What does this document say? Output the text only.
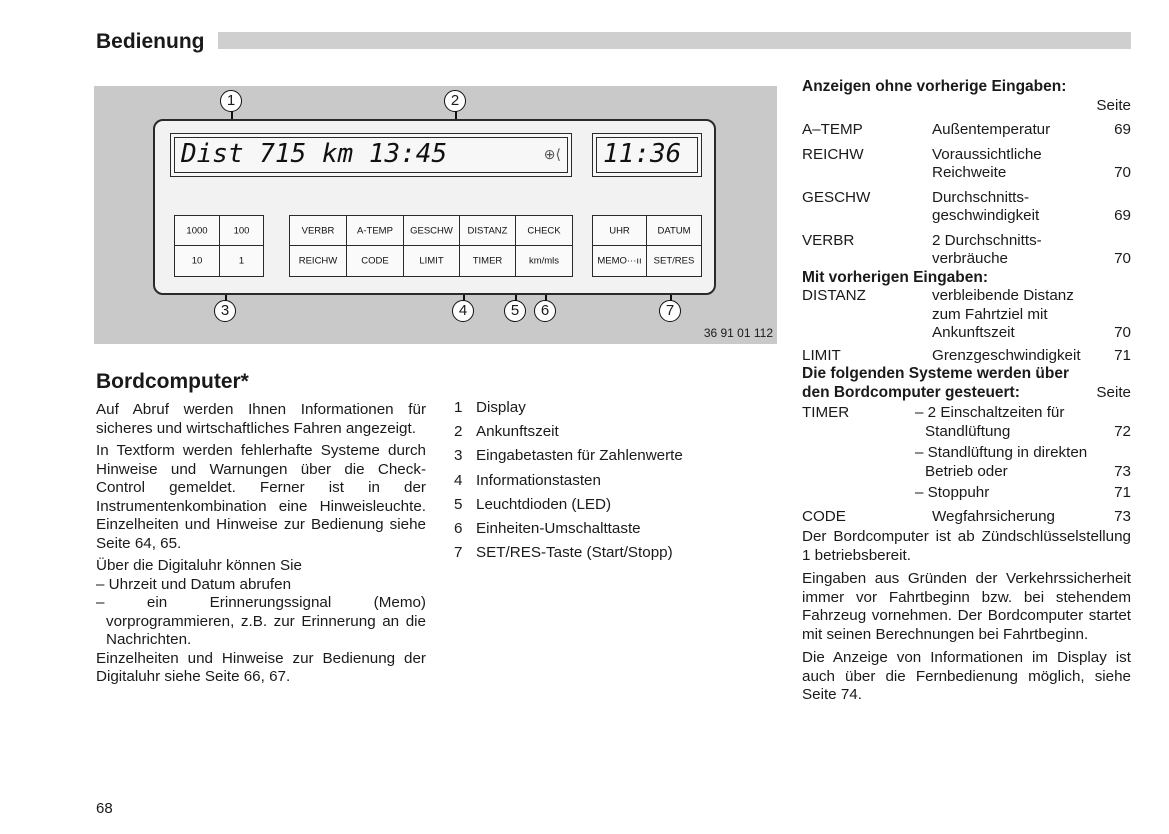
Bedienung
Dist 715 km 13:45	⊕⟨ 11:36
1000	100
10	1
VERBR	A-TEMP	GESCHW	DISTANZ	CHECK
REICHW	CODE	LIMIT	TIMER	km/mls
UHR	DATUM
MEMO···ıı	SET/RES
1	2
3	4	5	6	7
36 91 01 112
Bordcomputer*

Auf Abruf werden Ihnen Informationen für sicheres und wirtschaftliches Fahren angezeigt.

In Textform werden fehlerhafte Systeme durch Hinweise und Warnungen über die Check-Control gemeldet. Ferner ist in der Instrumentenkombination eine Hinweisleuchte. Einzelheiten und Hinweise zur Bedienung siehe Seite 64, 65.

Über die Digitaluhr können Sie

– Uhrzeit und Datum abrufen

– ein Erinnerungssignal (Memo) vorprogrammieren, z.B. zur Erinnerung an die Nachrichten.

Einzelheiten und Hinweise zur Bedienung der Digitaluhr siehe Seite 66, 67.

1 Display
2 Ankunftszeit
3 Eingabetasten für Zahlenwerte
4 Informationstasten
5 Leuchtdioden (LED)
6 Einheiten-Umschalttaste
7 SET/RES-Taste (Start/Stopp)
Anzeigen ohne vorherige Eingaben:
Seite
A–TEMP	Außentemperatur	69
REICHW	Voraussichtliche Reichweite	70
GESCHW	Durchschnitts-geschwindigkeit	69
VERBR	2 Durchschnitts-verbräuche	70
Mit vorherigen Eingaben:
DISTANZ	verbleibende Distanz zum Fahrtziel mit Ankunftszeit	70
LIMIT	Grenzgeschwindigkeit	71
Die folgenden Systeme werden über den Bordcomputer gesteuert:	Seite
TIMER	– 2 Einschaltzeiten für Standlüftung	72
– Standlüftung in direkten Betrieb oder	73
– Stoppuhr	71
CODE	Wegfahrsicherung	73

Der Bordcomputer ist ab Zündschlüsselstellung 1 betriebsbereit.

Eingaben aus Gründen der Verkehrssicherheit immer vor Fahrtbeginn bzw. bei stehendem Fahrzeug vornehmen. Der Bordcomputer startet mit seinen Berechnungen bei Fahrtbeginn.

Die Anzeige von Informationen im Display ist auch über die Fernbedienung möglich, siehe Seite 74.

68
